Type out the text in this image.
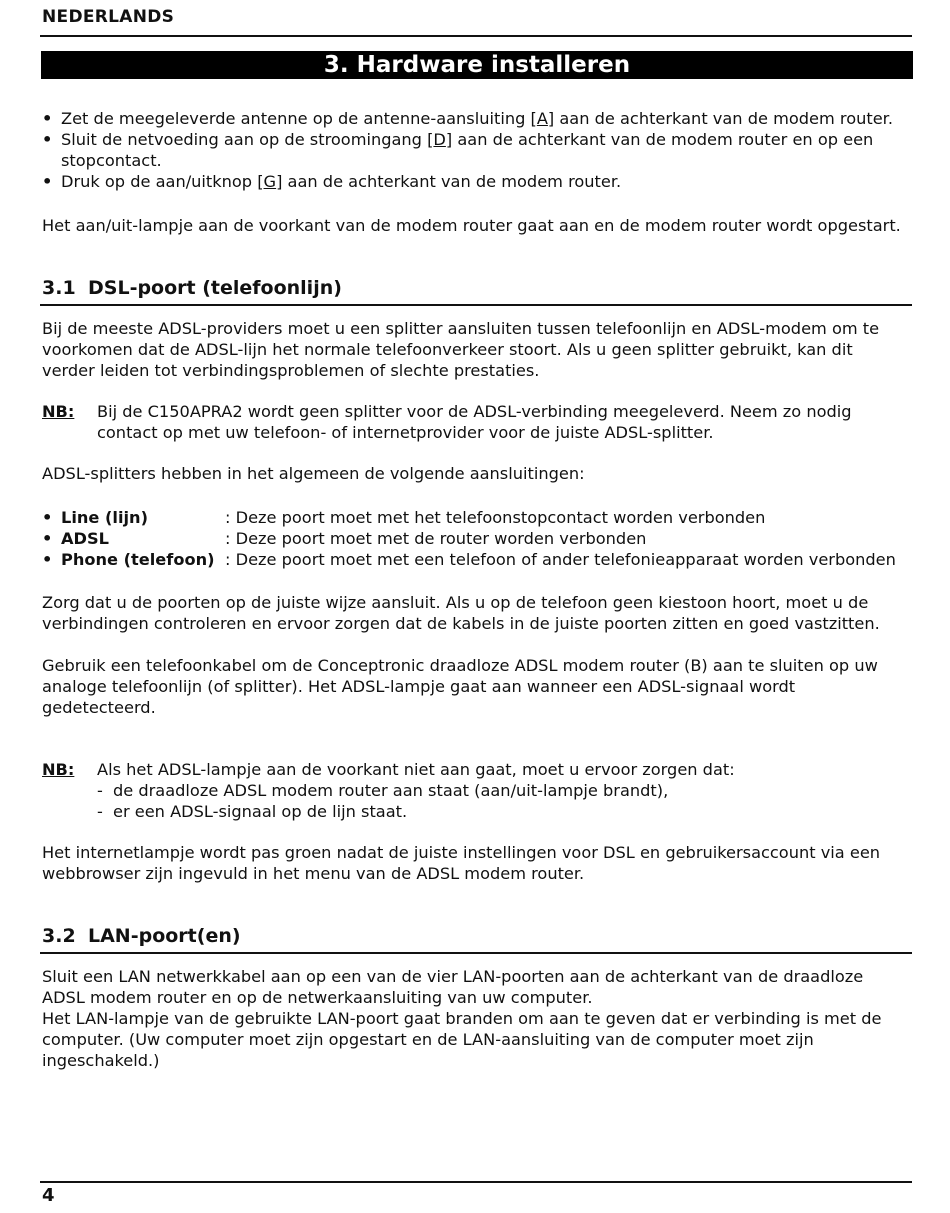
NEDERLANDS
3. Hardware installeren
• Zet de meegeleverde antenne op de antenne-aansluiting [A] aan de achterkant van de modem router.
• Sluit de netvoeding aan op de stroomingang [D] aan de achterkant van de modem router en op een stopcontact.
• Druk op de aan/uitknop [G] aan de achterkant van de modem router.

Het aan/uit-lampje aan de voorkant van de modem router gaat aan en de modem router wordt opgestart.

3.1 DSL-poort (telefoonlijn)

Bij de meeste ADSL-providers moet u een splitter aansluiten tussen telefoonlijn en ADSL-modem om te voorkomen dat de ADSL-lijn het normale telefoonverkeer stoort. Als u geen splitter gebruikt, kan dit verder leiden tot verbindingsproblemen of slechte prestaties.

NB: Bij de C150APRA2 wordt geen splitter voor de ADSL-verbinding meegeleverd. Neem zo nodig contact op met uw telefoon- of internetprovider voor de juiste ADSL-splitter.

ADSL-splitters hebben in het algemeen de volgende aansluitingen:

• Line (lijn)	: Deze poort moet met het telefoonstopcontact worden verbonden
• ADSL	: Deze poort moet met de router worden verbonden
• Phone (telefoon) : Deze poort moet met een telefoon of ander telefonieapparaat worden verbonden

Zorg dat u de poorten op de juiste wijze aansluit. Als u op de telefoon geen kiestoon hoort, moet u de verbindingen controleren en ervoor zorgen dat de kabels in de juiste poorten zitten en goed vastzitten.

Gebruik een telefoonkabel om de Conceptronic draadloze ADSL modem router (B) aan te sluiten op uw analoge telefoonlijn (of splitter). Het ADSL-lampje gaat aan wanneer een ADSL-signaal wordt gedetecteerd.

NB: Als het ADSL-lampje aan de voorkant niet aan gaat, moet u ervoor zorgen dat:
- de draadloze ADSL modem router aan staat (aan/uit-lampje brandt),
- er een ADSL-signaal op de lijn staat.

Het internetlampje wordt pas groen nadat de juiste instellingen voor DSL en gebruikersaccount via een webbrowser zijn ingevuld in het menu van de ADSL modem router.

3.2 LAN-poort(en)
Sluit een LAN netwerkkabel aan op een van de vier LAN-poorten aan de achterkant van de draadloze ADSL modem router en op de netwerkaansluiting van uw computer.
Het LAN-lampje van de gebruikte LAN-poort gaat branden om aan te geven dat er verbinding is met de computer. (Uw computer moet zijn opgestart en de LAN-aansluiting van de computer moet zijn ingeschakeld.)
4
